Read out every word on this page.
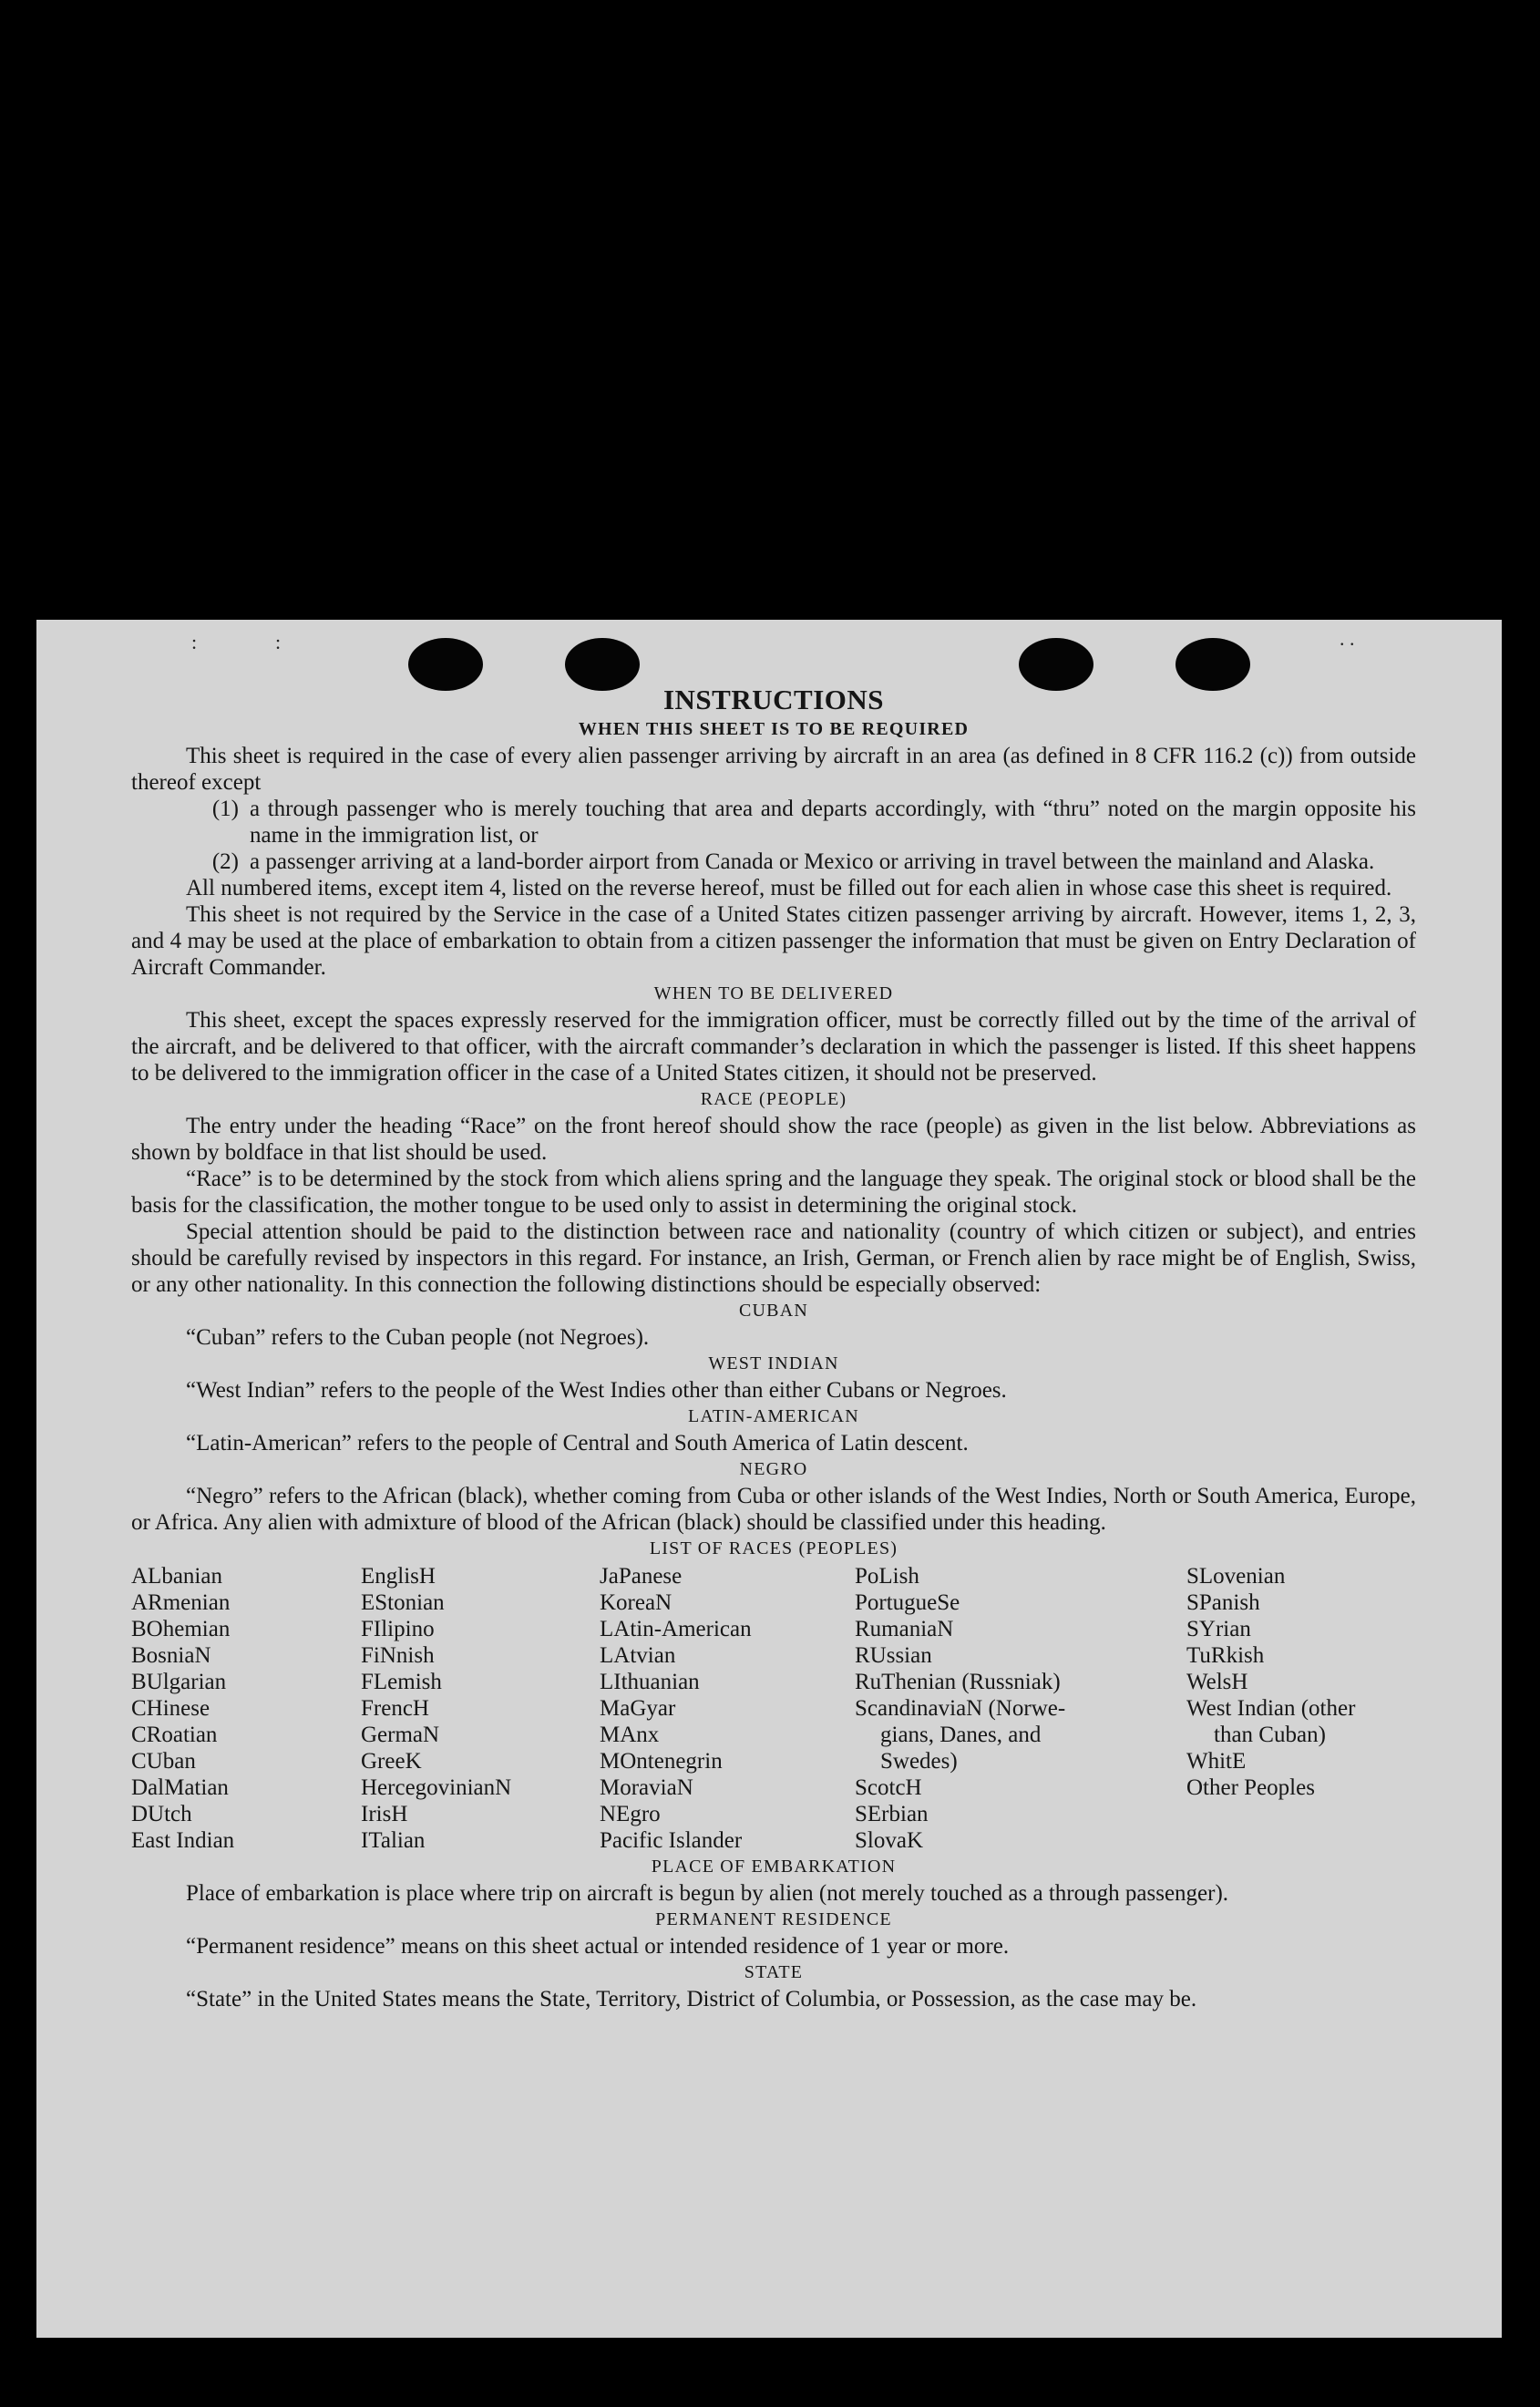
:	:	. .
INSTRUCTIONS
WHEN THIS SHEET IS TO BE REQUIRED

This sheet is required in the case of every alien passenger arriving by aircraft in an area (as defined in 8 CFR 116.2 (c)) from outside thereof except

(1) a through passenger who is merely touching that area and departs accordingly, with “thru” noted on the margin opposite his name in the immigration list, or
(2) a passenger arriving at a land-border airport from Canada or Mexico or arriving in travel between the mainland and Alaska.

All numbered items, except item 4, listed on the reverse hereof, must be filled out for each alien in whose case this sheet is required.

This sheet is not required by the Service in the case of a United States citizen passenger arriving by aircraft. However, items 1, 2, 3, and 4 may be used at the place of embarkation to obtain from a citizen passenger the information that must be given on Entry Declaration of Aircraft Commander.

WHEN TO BE DELIVERED

This sheet, except the spaces expressly reserved for the immigration officer, must be correctly filled out by the time of the arrival of the aircraft, and be delivered to that officer, with the aircraft commander’s declaration in which the passenger is listed. If this sheet happens to be delivered to the immigration officer in the case of a United States citizen, it should not be preserved.

RACE (PEOPLE)

The entry under the heading “Race” on the front hereof should show the race (people) as given in the list below. Abbreviations as shown by boldface in that list should be used.

“Race” is to be determined by the stock from which aliens spring and the language they speak. The original stock or blood shall be the basis for the classification, the mother tongue to be used only to assist in determining the original stock.

Special attention should be paid to the distinction between race and nationality (country of which citizen or subject), and entries should be carefully revised by inspectors in this regard. For instance, an Irish, German, or French alien by race might be of English, Swiss, or any other nationality. In this connection the following distinctions should be especially observed:

CUBAN

“Cuban” refers to the Cuban people (not Negroes).

WEST INDIAN

“West Indian” refers to the people of the West Indies other than either Cubans or Negroes.

LATIN-AMERICAN

“Latin-American” refers to the people of Central and South America of Latin descent.

NEGRO

“Negro” refers to the African (black), whether coming from Cuba or other islands of the West Indies, North or South America, Europe, or Africa. Any alien with admixture of blood of the African (black) should be classified under this heading.

LIST OF RACES (PEOPLES)
ALbanian
ARmenian
BOhemian
BosniaN
BUlgarian
CHinese
CRoatian
CUban
DalMatian
DUtch
East Indian
EnglisH
EStonian
FIlipino
FiNnish
FLemish
FrencH
GermaN
GreeK
HercegovinianN
IrisH
ITalian
JaPanese
KoreaN
LAtin-American
LAtvian
LIthuanian
MaGyar
MAnx
MOntenegrin
MoraviaN
NEgro
Pacific Islander
PoLish
PortugueSe
RumaniaN
RUssian
RuThenian (Russniak)
ScandinaviaN (Norwe-
gians, Danes, and
Swedes)
ScotcH
SErbian
SlovaK
SLovenian
SPanish
SYrian
TuRkish
WelsH
West Indian (other
than Cuban)
WhitE
Other Peoples
PLACE OF EMBARKATION

Place of embarkation is place where trip on aircraft is begun by alien (not merely touched as a through passenger).

PERMANENT RESIDENCE

“Permanent residence” means on this sheet actual or intended residence of 1 year or more.

STATE

“State” in the United States means the State, Territory, District of Columbia, or Possession, as the case may be.
